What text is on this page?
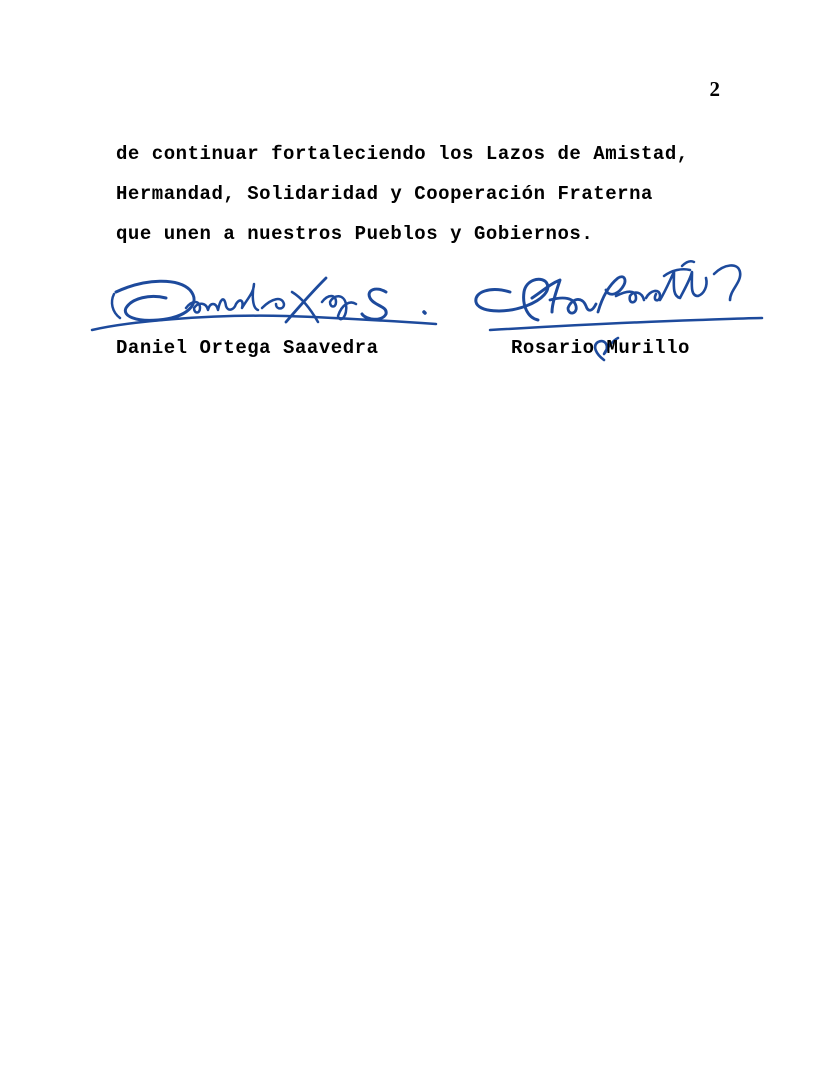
2
de continuar fortaleciendo los Lazos de Amistad,
Hermandad, Solidaridad y Cooperación Fraterna
que unen a nuestros Pueblos y Gobiernos.
Daniel Ortega Saavedra	Rosario Murillo
